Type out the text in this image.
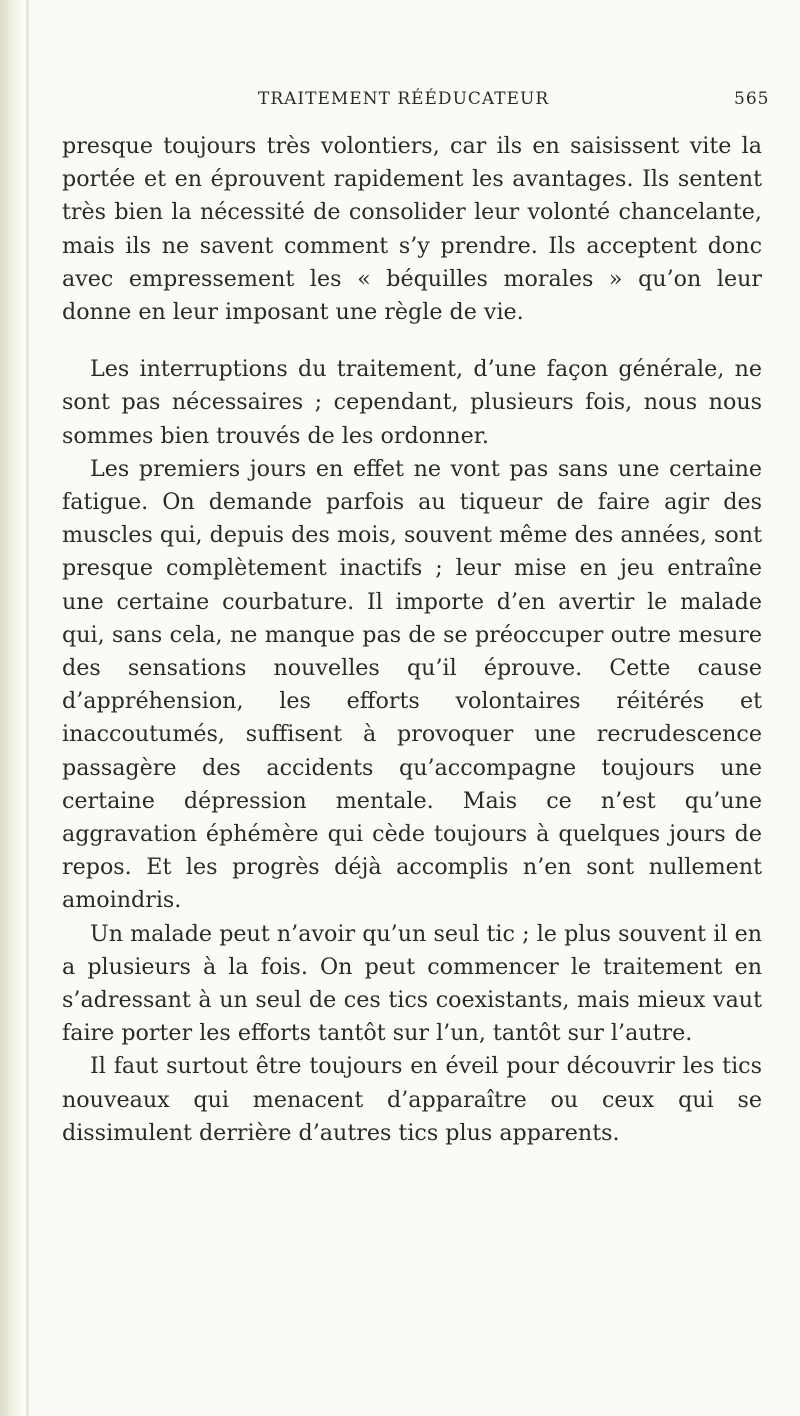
TRAITEMENT RÉÉDUCATEUR	565

presque toujours très volontiers, car ils en saisissent vite la portée et en éprouvent rapidement les avantages. Ils sentent très bien la nécessité de consolider leur volonté chancelante, mais ils ne savent comment s’y prendre. Ils acceptent donc avec empressement les « béquilles morales » qu’on leur donne en leur imposant une règle de vie.

Les interruptions du traitement, d’une façon générale, ne sont pas nécessaires ; cependant, plusieurs fois, nous nous sommes bien trouvés de les ordonner.

Les premiers jours en effet ne vont pas sans une certaine fatigue. On demande parfois au tiqueur de faire agir des muscles qui, depuis des mois, souvent même des années, sont presque complètement inactifs ; leur mise en jeu entraîne une certaine courbature. Il importe d’en avertir le malade qui, sans cela, ne manque pas de se préoccuper outre mesure des sensations nouvelles qu’il éprouve. Cette cause d’appréhension, les efforts volontaires réitérés et inaccoutumés, suffisent à provoquer une recrudescence passagère des accidents qu’accompagne toujours une certaine dépression mentale. Mais ce n’est qu’une aggravation éphémère qui cède toujours à quelques jours de repos. Et les progrès déjà accomplis n’en sont nullement amoindris.

Un malade peut n’avoir qu’un seul tic ; le plus souvent il en a plusieurs à la fois. On peut commencer le traitement en s’adressant à un seul de ces tics coexistants, mais mieux vaut faire porter les efforts tantôt sur l’un, tantôt sur l’autre.

Il faut surtout être toujours en éveil pour découvrir les tics nouveaux qui menacent d’apparaître ou ceux qui se dissimulent derrière d’autres tics plus apparents.
